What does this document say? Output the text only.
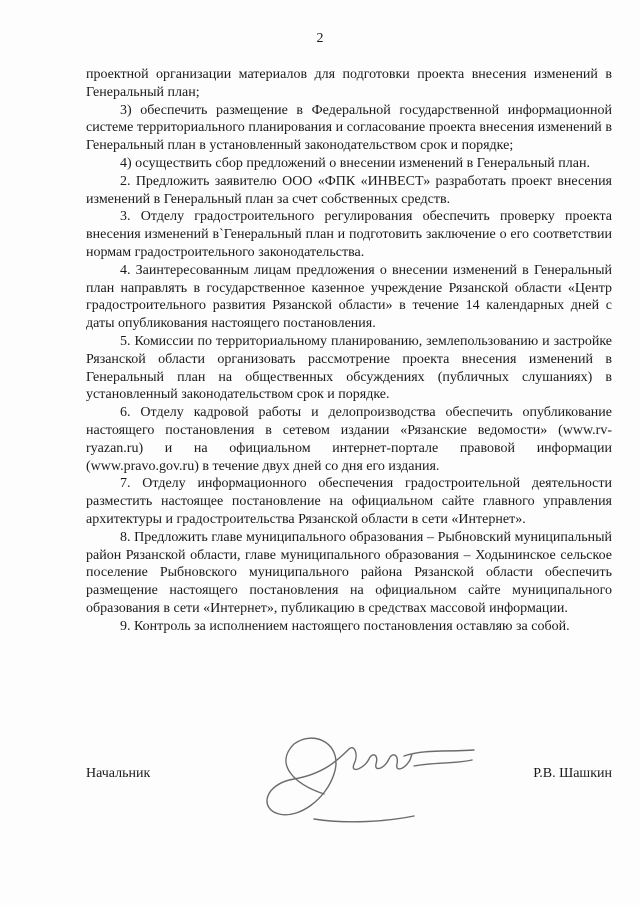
2

проектной организации материалов для подготовки проекта внесения изменений в Генеральный план;

3) обеспечить размещение в Федеральной государственной информационной системе территориального планирования и согласование проекта внесения изменений в Генеральный план в установленный законодательством срок и порядке;

4) осуществить сбор предложений о внесении изменений в Генеральный план.

2. Предложить заявителю ООО «ФПК «ИНВЕСТ» разработать проект внесения изменений в Генеральный план за счет собственных средств.

3. Отделу градостроительного регулирования обеспечить проверку проекта внесения изменений в`Генеральный план и подготовить заключение о его соответствии нормам градостроительного законодательства.

4. Заинтересованным лицам предложения о внесении изменений в Генеральный план направлять в государственное казенное учреждение Рязанской области «Центр градостроительного развития Рязанской области» в течение 14 календарных дней с даты опубликования настоящего постановления.

5. Комиссии по территориальному планированию, землепользованию и застройке Рязанской области организовать рассмотрение проекта внесения изменений в Генеральный план на общественных обсуждениях (публичных слушаниях) в установленный законодательством срок и порядке.

6. Отделу кадровой работы и делопроизводства обеспечить опубликование настоящего постановления в сетевом издании «Рязанские ведомости» (www.rv-ryazan.ru) и на официальном интернет-портале правовой информации (www.pravo.gov.ru) в течение двух дней со дня его издания.

7. Отделу информационного обеспечения градостроительной деятельности разместить настоящее постановление на официальном сайте главного управления архитектуры и градостроительства Рязанской области в сети «Интернет».

8. Предложить главе муниципального образования – Рыбновский муниципальный район Рязанской области, главе муниципального образования – Ходынинское сельское поселение Рыбновского муниципального района Рязанской области обеспечить размещение настоящего постановления на официальном сайте муниципального образования в сети «Интернет», публикацию в средствах массовой информации.

9. Контроль за исполнением настоящего постановления оставляю за собой.

Начальник	Р.В. Шашкин
